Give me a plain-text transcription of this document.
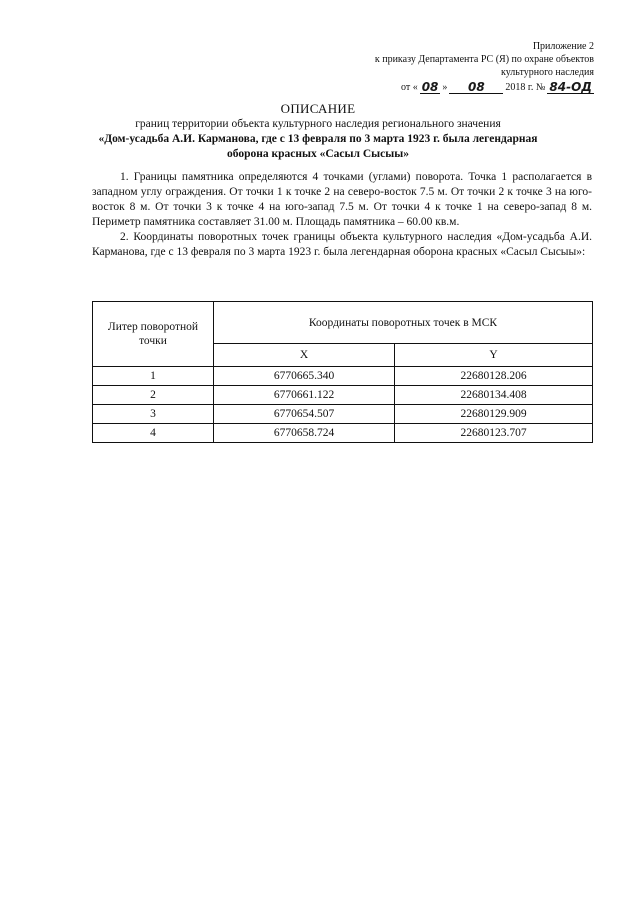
Приложение 2
к приказу Департамента РС (Я) по охране объектов
культурного наследия
от « 08 »	08	2018 г. № 84-ОД
ОПИСАНИЕ
границ территории объекта культурного наследия регионального значения
«Дом-усадьба А.И. Карманова, где с 13 февраля по 3 марта 1923 г. была легендарная
оборона красных «Сасыл Сысыы»

1. Границы памятника определяются 4 точками (углами) поворота. Точка 1 располагается в западном углу ограждения. От точки 1 к точке 2 на северо-восток 7.5 м. От точки 2 к точке 3 на юго-восток 8 м. От точки 3 к точке 4 на юго-запад 7.5 м. От точки 4 к точке 1 на северо-запад 8 м. Периметр памятника составляет 31.00 м. Площадь памятника – 60.00 кв.м.

2. Координаты поворотных точек границы объекта культурного наследия «Дом-усадьба А.И. Карманова, где с 13 февраля по 3 марта 1923 г. была легендарная оборона красных «Сасыл Сысыы»:

Литер поворотной точки	Координаты поворотных точек в МСК	
	X	Y
1	6770665.340	22680128.206
2	6770661.122	22680134.408
3	6770654.507	22680129.909
4	6770658.724	22680123.707
